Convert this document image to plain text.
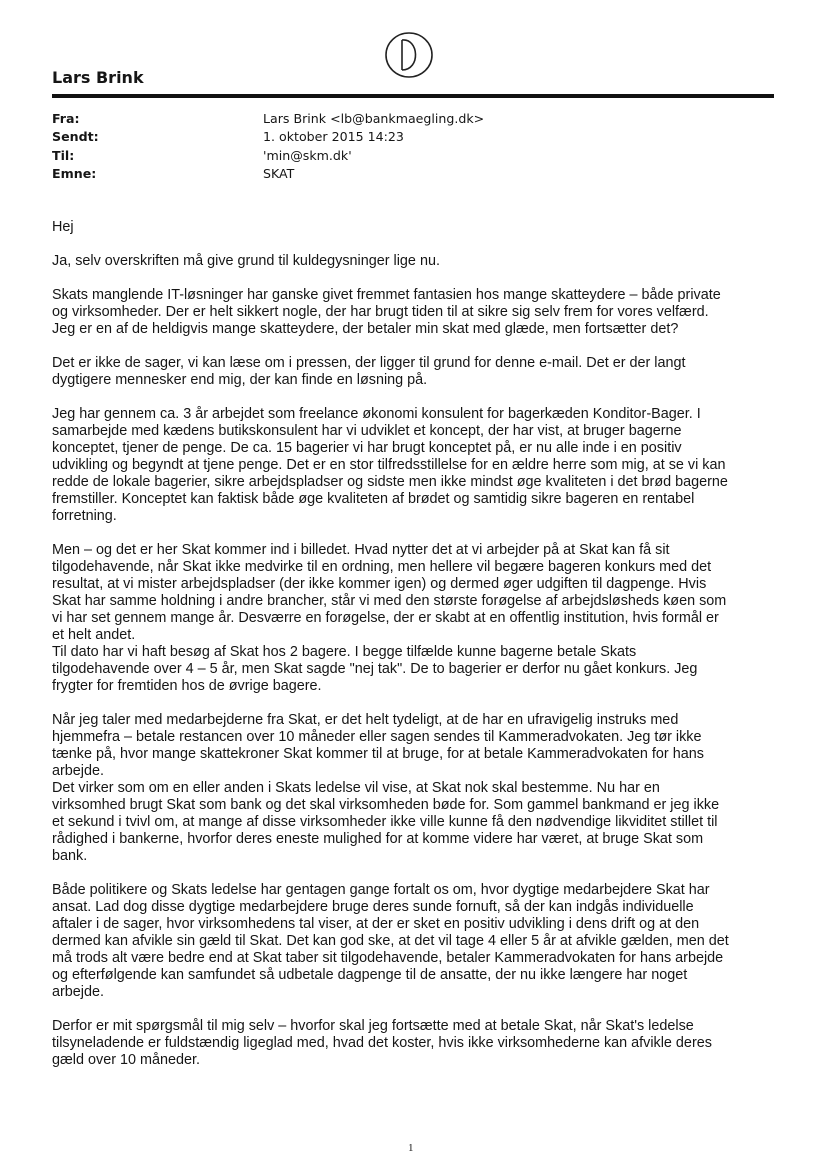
Lars Brink
Fra:	Lars Brink <lb@bankmaegling.dk>
Sendt:	1. oktober 2015 14:23
Til:	'min@skm.dk'
Emne:	SKAT

Hej

Ja, selv overskriften må give grund til kuldegysninger lige nu.

Skats manglende IT-løsninger har ganske givet fremmet fantasien hos mange skatteydere – både private
og virksomheder. Der er helt sikkert nogle, der har brugt tiden til at sikre sig selv frem for vores velfærd.
Jeg er en af de heldigvis mange skatteydere, der betaler min skat med glæde, men fortsætter det?

Det er ikke de sager, vi kan læse om i pressen, der ligger til grund for denne e-mail. Det er der langt
dygtigere mennesker end mig, der kan finde en løsning på.

Jeg har gennem ca. 3 år arbejdet som freelance økonomi konsulent for bagerkæden Konditor-Bager. I
samarbejde med kædens butikskonsulent har vi udviklet et koncept, der har vist, at bruger bagerne
konceptet, tjener de penge. De ca. 15 bagerier vi har brugt konceptet på, er nu alle inde i en positiv
udvikling og begyndt at tjene penge. Det er en stor tilfredsstillelse for en ældre herre som mig, at se vi kan
redde de lokale bagerier, sikre arbejdspladser og sidste men ikke mindst øge kvaliteten i det brød bagerne
fremstiller. Konceptet kan faktisk både øge kvaliteten af brødet og samtidig sikre bageren en rentabel
forretning.

Men – og det er her Skat kommer ind i billedet. Hvad nytter det at vi arbejder på at Skat kan få sit
tilgodehavende, når Skat ikke medvirke til en ordning, men hellere vil begære bageren konkurs med det
resultat, at vi mister arbejdspladser (der ikke kommer igen) og dermed øger udgiften til dagpenge. Hvis
Skat har samme holdning i andre brancher, står vi med den største forøgelse af arbejdsløsheds køen som
vi har set gennem mange år. Desværre en forøgelse, der er skabt at en offentlig institution, hvis formål er
et helt andet.

Til dato har vi haft besøg af Skat hos 2 bagere. I begge tilfælde kunne bagerne betale Skats
tilgodehavende over 4 – 5 år, men Skat sagde "nej tak". De to bagerier er derfor nu gået konkurs. Jeg
frygter for fremtiden hos de øvrige bagere.

Når jeg taler med medarbejderne fra Skat, er det helt tydeligt, at de har en ufravigelig instruks med
hjemmefra – betale restancen over 10 måneder eller sagen sendes til Kammeradvokaten. Jeg tør ikke
tænke på, hvor mange skattekroner Skat kommer til at bruge, for at betale Kammeradvokaten for hans
arbejde.

Det virker som om en eller anden i Skats ledelse vil vise, at Skat nok skal bestemme. Nu har en
virksomhed brugt Skat som bank og det skal virksomheden bøde for. Som gammel bankmand er jeg ikke
et sekund i tvivl om, at mange af disse virksomheder ikke ville kunne få den nødvendige likviditet stillet til
rådighed i bankerne, hvorfor deres eneste mulighed for at komme videre har været, at bruge Skat som
bank.

Både politikere og Skats ledelse har gentagen gange fortalt os om, hvor dygtige medarbejdere Skat har
ansat. Lad dog disse dygtige medarbejdere bruge deres sunde fornuft, så der kan indgås individuelle
aftaler i de sager, hvor virksomhedens tal viser, at der er sket en positiv udvikling i dens drift og at den
dermed kan afvikle sin gæld til Skat. Det kan god ske, at det vil tage 4 eller 5 år at afvikle gælden, men det
må trods alt være bedre end at Skat taber sit tilgodehavende, betaler Kammeradvokaten for hans arbejde
og efterfølgende kan samfundet så udbetale dagpenge til de ansatte, der nu ikke længere har noget
arbejde.

Derfor er mit spørgsmål til mig selv – hvorfor skal jeg fortsætte med at betale Skat, når Skat's ledelse
tilsyneladende er fuldstændig ligeglad med, hvad det koster, hvis ikke virksomhederne kan afvikle deres
gæld over 10 måneder.

1
